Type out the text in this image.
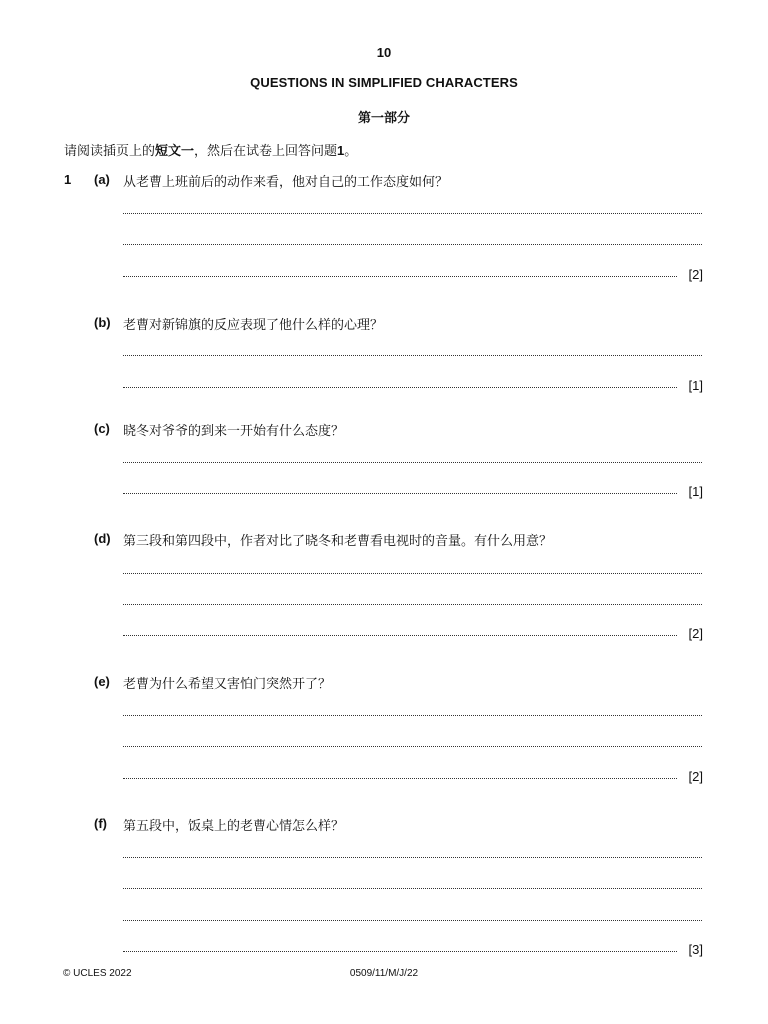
10
QUESTIONS IN SIMPLIFIED CHARACTERS
第一部分
请阅读插页上的短文一，然后在试卷上回答问题1。
1 (a) 从老曹上班前后的动作来看，他对自己的工作态度如何？
[2]
(b) 老曹对新锦旗的反应表现了他什么样的心理？
[1]
(c) 晓冬对爷爷的到来一开始有什么态度？
[1]
(d) 第三段和第四段中，作者对比了晓冬和老曹看电视时的音量。有什么用意？
[2]
(e) 老曹为什么希望又害怕门突然开了？
[2]
(f) 第五段中，饭桌上的老曹心情怎么样？
[3]
© UCLES 2022	0509/11/M/J/22
